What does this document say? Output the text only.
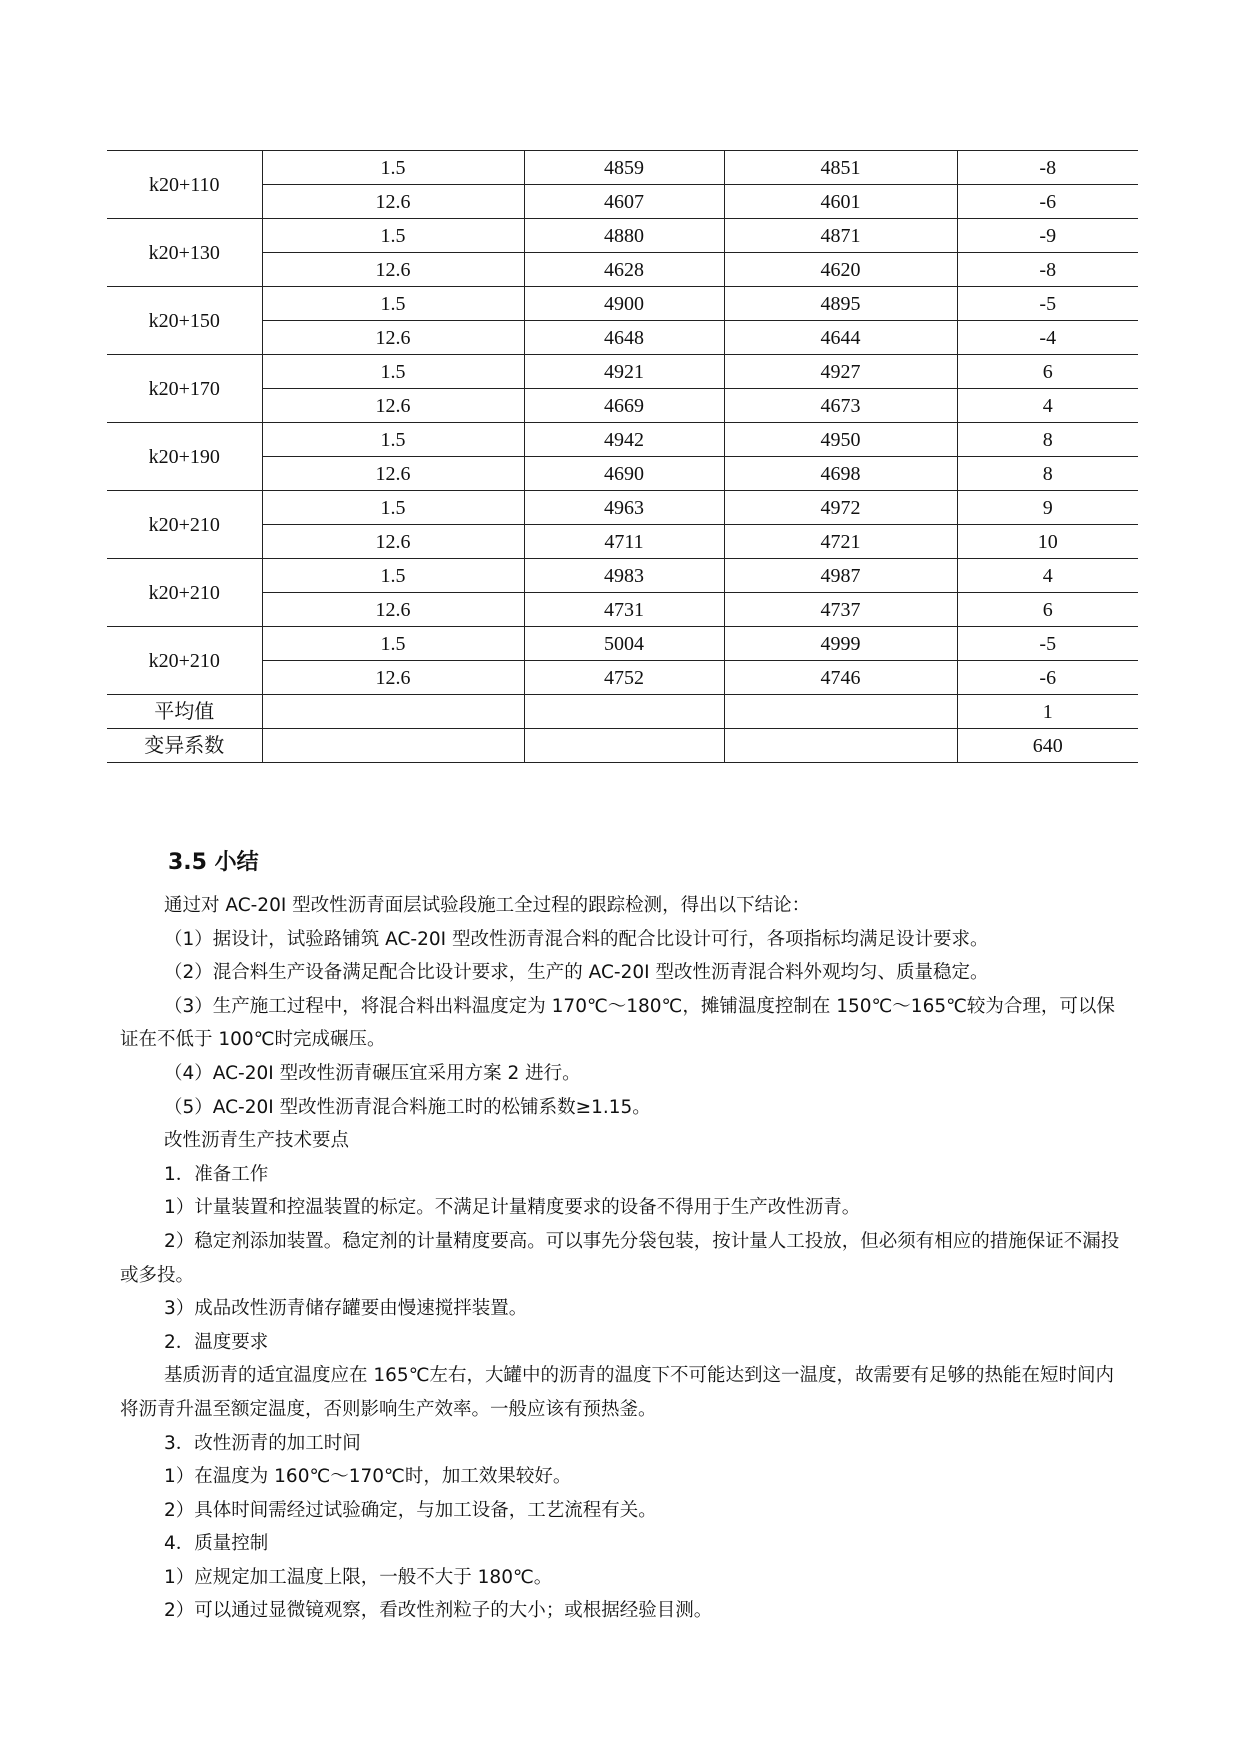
k20+110	1.5	4859	4851	-8
	12.6	4607	4601	-6
k20+130	1.5	4880	4871	-9
	12.6	4628	4620	-8
k20+150	1.5	4900	4895	-5
	12.6	4648	4644	-4
k20+170	1.5	4921	4927	6
	12.6	4669	4673	4
k20+190	1.5	4942	4950	8
	12.6	4690	4698	8
k20+210	1.5	4963	4972	9
	12.6	4711	4721	10
k20+210	1.5	4983	4987	4
	12.6	4731	4737	6
k20+210	1.5	5004	4999	-5
	12.6	4752	4746	-6
平均值				1
变异系数				640
3.5 小结

通过对 AC-20I 型改性沥青面层试验段施工全过程的跟踪检测，得出以下结论：

（1）据设计，试验路铺筑 AC-20I 型改性沥青混合料的配合比设计可行，各项指标均满足设计要求。

（2）混合料生产设备满足配合比设计要求，生产的 AC-20I 型改性沥青混合料外观均匀、质量稳定。

（3）生产施工过程中，将混合料出料温度定为 170℃～180℃，摊铺温度控制在 150℃～165℃较为合理，可以保证在不低于 100℃时完成碾压。

（4）AC-20I 型改性沥青碾压宜采用方案 2 进行。

（5）AC-20I 型改性沥青混合料施工时的松铺系数≥1.15。

改性沥青生产技术要点

1．准备工作

1）计量装置和控温装置的标定。不满足计量精度要求的设备不得用于生产改性沥青。

2）稳定剂添加装置。稳定剂的计量精度要高。可以事先分袋包装，按计量人工投放，但必须有相应的措施保证不漏投或多投。

3）成品改性沥青储存罐要由慢速搅拌装置。

2．温度要求

基质沥青的适宜温度应在 165℃左右，大罐中的沥青的温度下不可能达到这一温度，故需要有足够的热能在短时间内将沥青升温至额定温度，否则影响生产效率。一般应该有预热釜。

3．改性沥青的加工时间

1）在温度为 160℃～170℃时，加工效果较好。

2）具体时间需经过试验确定，与加工设备，工艺流程有关。

4．质量控制

1）应规定加工温度上限，一般不大于 180℃。

2）可以通过显微镜观察，看改性剂粒子的大小；或根据经验目测。
